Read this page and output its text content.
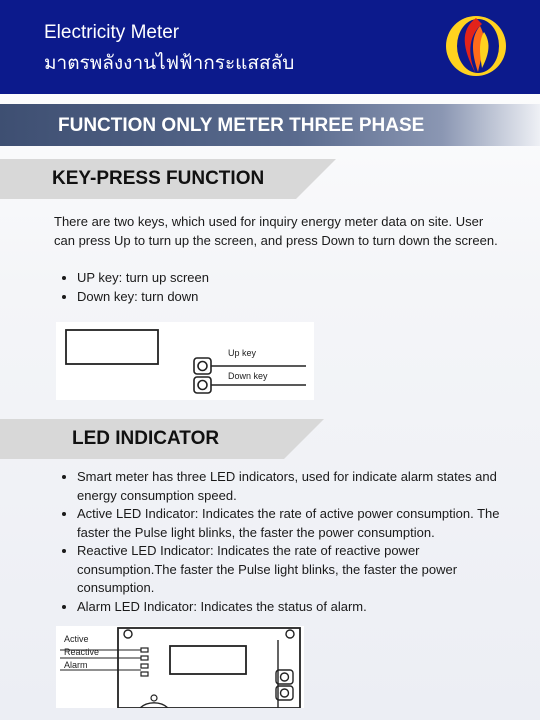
Electricity Meter
มาตรพลังงานไฟฟ้ากระแสสลับ
FUNCTION ONLY METER THREE PHASE
KEY-PRESS FUNCTION
There are two keys, which used for inquiry energy meter data on site. User can press Up to turn up the screen, and press Down to turn down the screen.
• UP key: turn up screen
• Down key: turn down
Up key
Down key
LED INDICATOR
• Smart meter has three LED indicators, used for indicate alarm states and energy consumption speed.
• Active LED Indicator: Indicates the rate of active power consumption. The faster the Pulse light blinks, the faster the power consumption.
• Reactive LED Indicator: Indicates the rate of reactive power consumption.The faster the Pulse light blinks, the faster the power consumption.
• Alarm LED Indicator: Indicates the status of alarm.
Active
Reactive
Alarm
